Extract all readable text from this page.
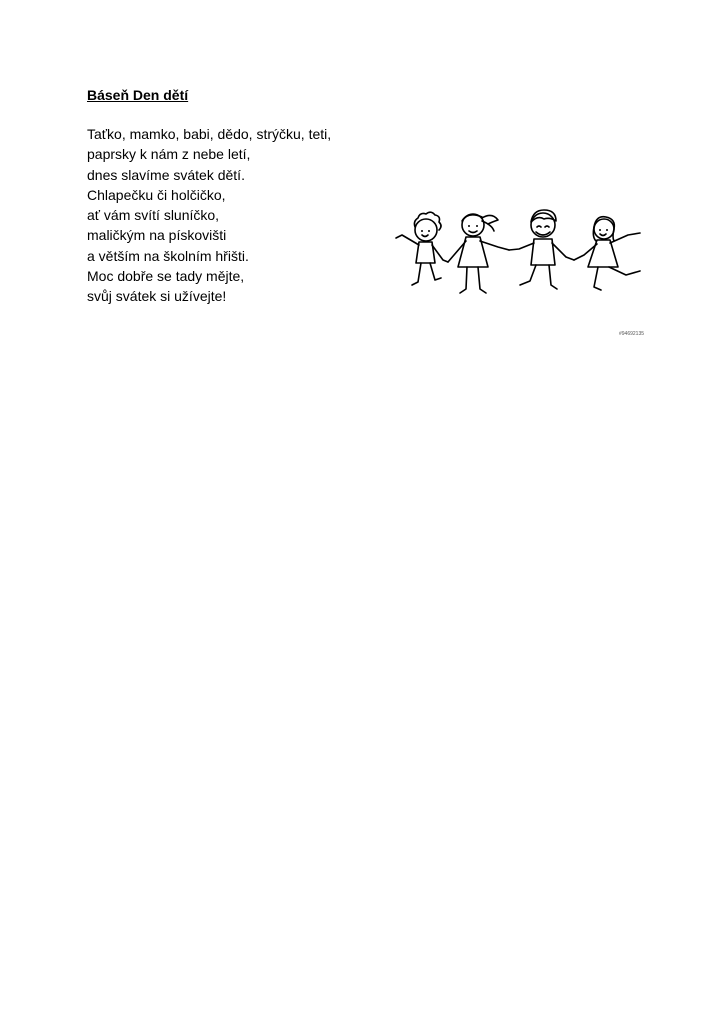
Báseň Den dětí
Taťko, mamko, babi, dědo, strýčku, teti,
paprsky k nám z nebe letí,
dnes slavíme svátek dětí.
Chlapečku či holčičko,
ať vám svítí sluníčko,
maličkým na pískovišti
a větším na školním hřišti.
Moc dobře se tady mějte,
svůj svátek si užívejte!
#94692135
